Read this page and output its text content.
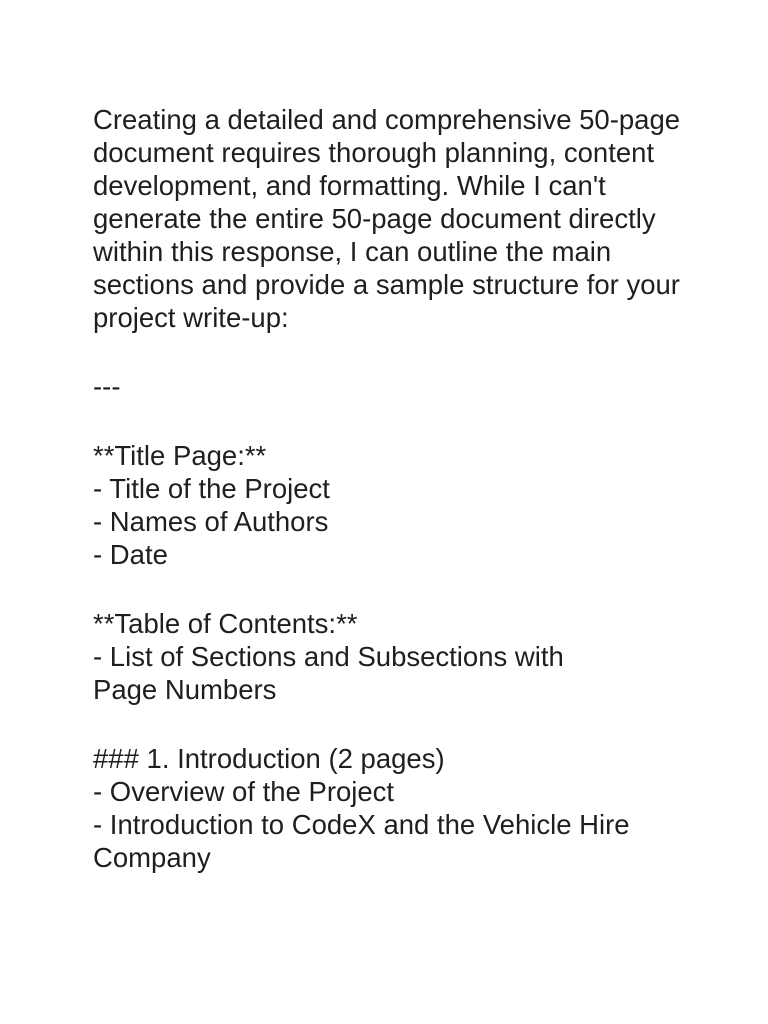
Creating a detailed and comprehensive 50-page document requires thorough planning, content development, and formatting. While I can't generate the entire 50-page document directly within this response, I can outline the main sections and provide a sample structure for your project write-up:

---
**Title Page:**
- Title of the Project
- Names of Authors
- Date
**Table of Contents:**
- List of Sections and Subsections with Page Numbers
### 1. Introduction (2 pages)
- Overview of the Project
- Introduction to CodeX and the Vehicle Hire Company
